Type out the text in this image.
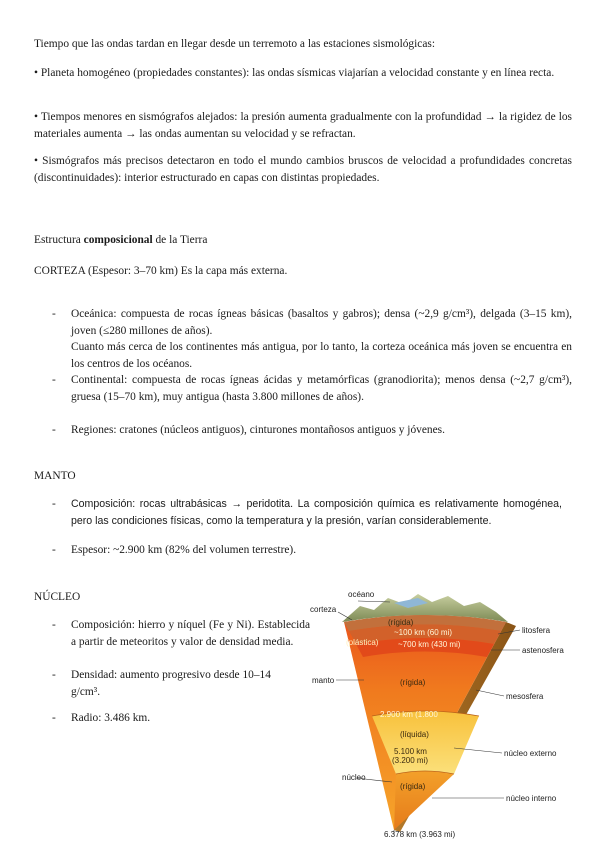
Tiempo que las ondas tardan en llegar desde un terremoto a las estaciones sismológicas:

• Planeta homogéneo (propiedades constantes): las ondas sísmicas viajarían a velocidad constante y en línea recta.

• Tiempos menores en sismógrafos alejados: la presión aumenta gradualmente con la profundidad → la rigidez de los materiales aumenta → las ondas aumentan su velocidad y se refractan.

• Sismógrafos más precisos detectaron en todo el mundo cambios bruscos de velocidad a profundidades concretas (discontinuidades): interior estructurado en capas con distintas propiedades.

Estructura composicional de la Tierra

CORTEZA (Espesor: 3–70 km) Es la capa más externa.

- Oceánica: compuesta de rocas ígneas básicas (basaltos y gabros); densa (~2,9 g/cm³), delgada (3–15 km), joven (≤280 millones de años).
Cuanto más cerca de los continentes más antigua, por lo tanto, la corteza oceánica más joven se encuentra en los centros de los océanos.
- Continental: compuesta de rocas ígneas ácidas y metamórficas (granodiorita); menos densa (~2,7 g/cm³), gruesa (15–70 km), muy antigua (hasta 3.800 millones de años).
- Regiones: cratones (núcleos antiguos), cinturones montañosos antiguos y jóvenes.

MANTO

- Composición: rocas ultrabásicas → peridotita. La composición química es relativamente homogénea, pero las condiciones físicas, como la temperatura y la presión, varían considerablemente.
- Espesor: ~2.900 km (82% del volumen terrestre).

NÚCLEO

- Composición: hierro y níquel (Fe y Ni). Establecida a partir de meteoritos y valor de densidad media.
- Densidad: aumento progresivo desde 10–14 g/cm³.
- Radio: 3.486 km.
océano
corteza
(rígida)
~100 km (60 mi)
(plástica) ~700 km (430 mi)
litosfera
astenosfera
manto	(rígida)
mesosfera
2.900 km (1.800
(líquida)
5.100 km
(3.200 mi)
núcleo externo
núcleo
(rígida)
núcleo interno
6.378 km (3.963 mi)
